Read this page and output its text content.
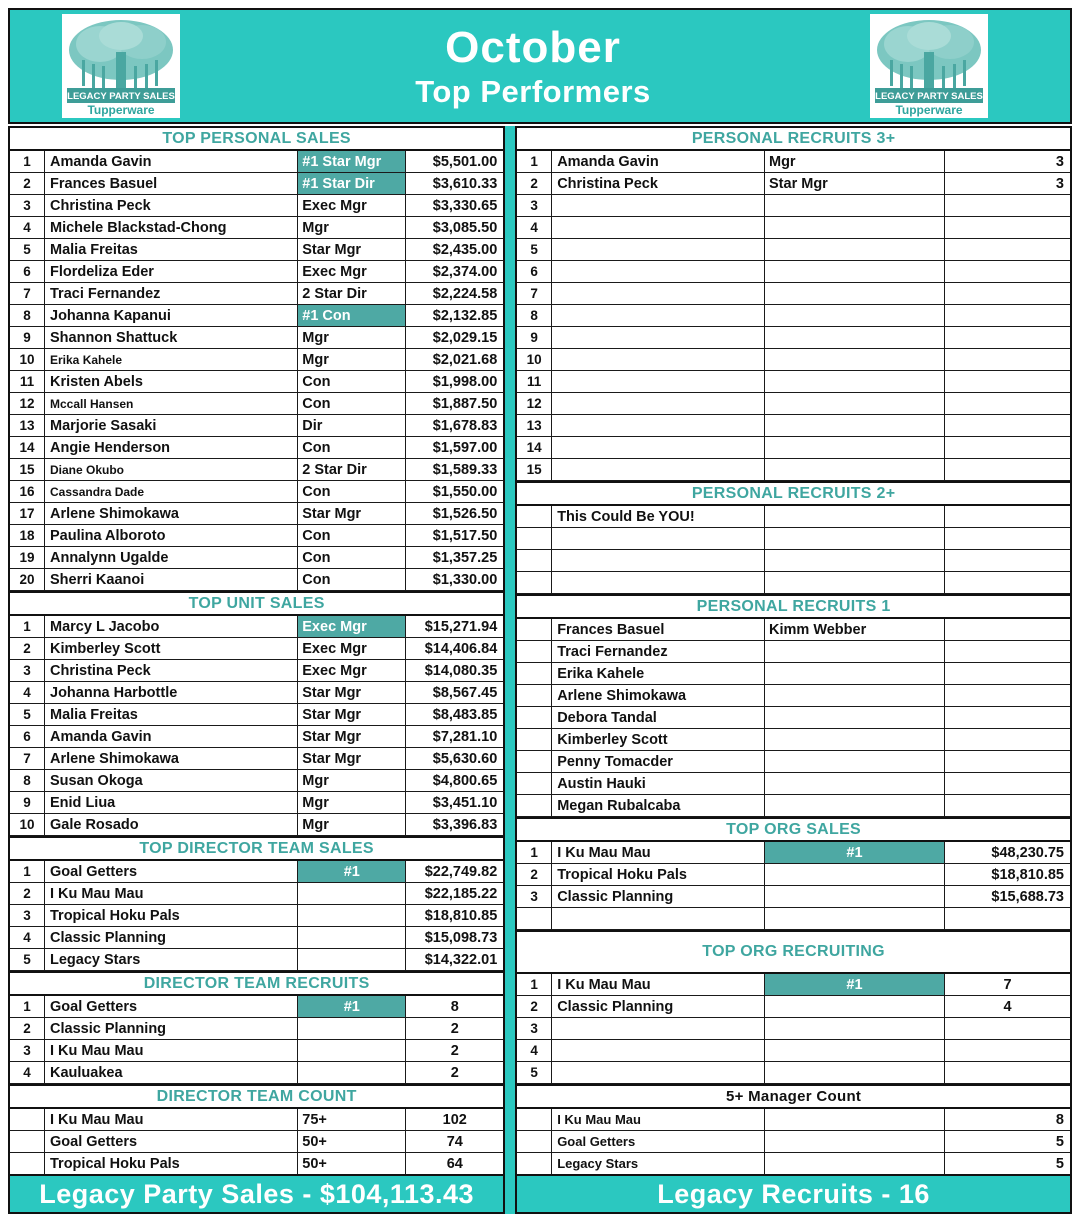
LEGACY PARTY SALES
Tupperware
October
Top Performers	LEGACY PARTY SALES
Tupperware
TOP PERSONAL SALES
1	Amanda Gavin	#1 Star Mgr	$5,501.00
2	Frances Basuel	#1 Star Dir	$3,610.33
3	Christina Peck	Exec Mgr	$3,330.65
4	Michele Blackstad-Chong	Mgr	$3,085.50
5	Malia Freitas	Star Mgr	$2,435.00
6	Flordeliza Eder	Exec Mgr	$2,374.00
7	Traci Fernandez	2 Star Dir	$2,224.58
8	Johanna Kapanui	#1 Con	$2,132.85
9	Shannon Shattuck	Mgr	$2,029.15
10	Erika Kahele	Mgr	$2,021.68
11	Kristen Abels	Con	$1,998.00
12	Mccall Hansen	Con	$1,887.50
13	Marjorie Sasaki	Dir	$1,678.83
14	Angie Henderson	Con	$1,597.00
15	Diane Okubo	2 Star Dir	$1,589.33
16	Cassandra Dade	Con	$1,550.00
17	Arlene Shimokawa	Star Mgr	$1,526.50
18	Paulina Alboroto	Con	$1,517.50
19	Annalynn Ugalde	Con	$1,357.25
20	Sherri Kaanoi	Con	$1,330.00
TOP UNIT SALES
1	Marcy L Jacobo	Exec Mgr	$15,271.94
2	Kimberley Scott	Exec Mgr	$14,406.84
3	Christina Peck	Exec Mgr	$14,080.35
4	Johanna Harbottle	Star Mgr	$8,567.45
5	Malia Freitas	Star Mgr	$8,483.85
6	Amanda Gavin	Star Mgr	$7,281.10
7	Arlene Shimokawa	Star Mgr	$5,630.60
8	Susan Okoga	Mgr	$4,800.65
9	Enid Liua	Mgr	$3,451.10
10	Gale Rosado	Mgr	$3,396.83
TOP DIRECTOR TEAM SALES
1	Goal Getters	#1	$22,749.82
2	I Ku Mau Mau	$22,185.22
3	Tropical Hoku Pals	$18,810.85
4	Classic Planning	$15,098.73
5	Legacy Stars	$14,322.01
DIRECTOR TEAM RECRUITS
1	Goal Getters	#1	8
2	Classic Planning	2
3	I Ku Mau Mau	2
4	Kauluakea	2
DIRECTOR TEAM COUNT
I Ku Mau Mau	75+	102
Goal Getters	50+	74
Tropical Hoku Pals	50+	64
Legacy Party Sales - $104,113.43
PERSONAL RECRUITS 3+
1	Amanda Gavin	Mgr	3
2	Christina Peck	Star Mgr	3
3
4
5
6
7
8
9
10
11
12
13
14
15
PERSONAL RECRUITS 2+
This Could Be YOU!
PERSONAL RECRUITS 1
Frances Basuel	Kimm Webber
Traci Fernandez
Erika Kahele
Arlene Shimokawa
Debora Tandal
Kimberley Scott
Penny Tomacder
Austin Hauki
Megan Rubalcaba
TOP ORG SALES
1	I Ku Mau Mau	#1	$48,230.75
2	Tropical Hoku Pals	$18,810.85
3	Classic Planning	$15,688.73
TOP ORG RECRUITING
1	I Ku Mau Mau	#1	7
2	Classic Planning	4
3
4
5
5+ Manager Count
I Ku Mau Mau	8
Goal Getters	5
Legacy Stars	5
Legacy Recruits - 16
